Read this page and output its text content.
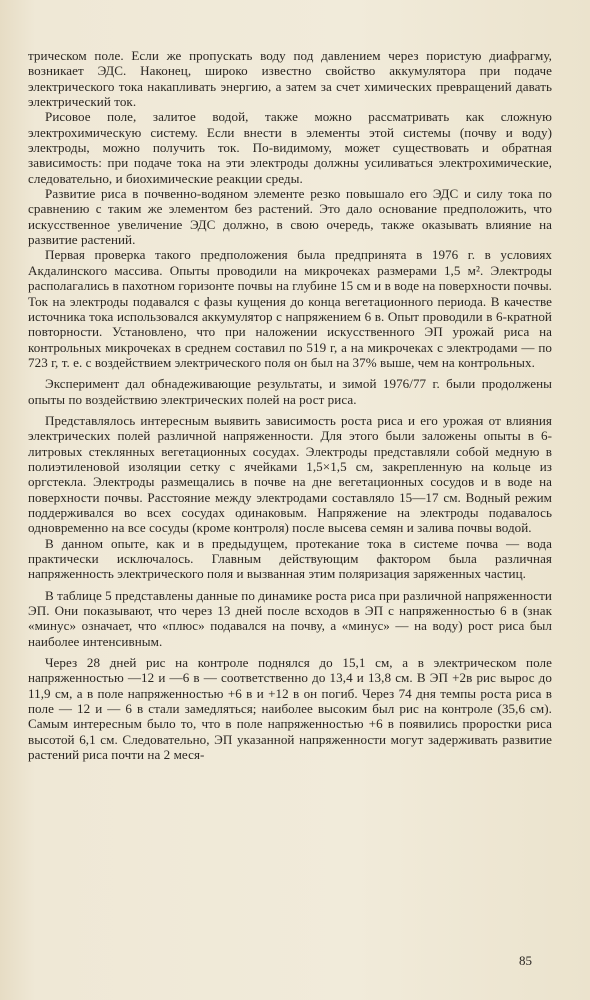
трическом поле. Если же пропускать воду под давлением через пористую диафрагму, возникает ЭДС. Наконец, широко известно свойство аккумулятора при подаче электрического тока накапливать энергию, а затем за счет химических превращений давать электрический ток.

Рисовое поле, залитое водой, также можно рассматривать как сложную электрохимическую систему. Если внести в элементы этой системы (почву и воду) электроды, можно получить ток. По-видимому, может существовать и обратная зависимость: при подаче тока на эти электроды должны усиливаться электрохимические, следовательно, и биохимические реакции среды.

Развитие риса в почвенно-водяном элементе резко повышало его ЭДС и силу тока по сравнению с таким же элементом без растений. Это дало основание предположить, что искусственное увеличение ЭДС должно, в свою очередь, также оказывать влияние на развитие растений.

Первая проверка такого предположения была предпринята в 1976 г. в условиях Акдалинского массива. Опыты проводили на микрочеках размерами 1,5 м². Электроды располагались в пахотном горизонте почвы на глубине 15 см и в воде на поверхности почвы. Ток на электроды подавался с фазы кущения до конца вегетационного периода. В качестве источника тока использовался аккумулятор с напряжением 6 в. Опыт проводили в 6-кратной повторности. Установлено, что при наложении искусственного ЭП урожай риса на контрольных микрочеках в среднем составил по 519 г, а на микрочеках с электродами — по 723 г, т. е. с воздействием электрического поля он был на 37% выше, чем на контрольных.

Эксперимент дал обнадеживающие результаты, и зимой 1976/77 г. были продолжены опыты по воздействию электрических полей на рост риса.

Представлялось интересным выявить зависимость роста риса и его урожая от влияния электрических полей различной напряженности. Для этого были заложены опыты в 6-литровых стеклянных вегетационных сосудах. Электроды представляли собой медную в полиэтиленовой изоляции сетку с ячейками 1,5×1,5 см, закрепленную на кольце из оргстекла. Электроды размещались в почве на дне вегетационных сосудов и в воде на поверхности почвы. Расстояние между электродами составляло 15—17 см. Водный режим поддерживался во всех сосудах одинаковым. Напряжение на электроды подавалось одновременно на все сосуды (кроме контроля) после высева семян и залива почвы водой.

В данном опыте, как и в предыдущем, протекание тока в системе почва — вода практически исключалось. Главным действующим фактором была различная напряженность электрического поля и вызванная этим поляризация заряженных частиц.

В таблице 5 представлены данные по динамике роста риса при различной напряженности ЭП. Они показывают, что через 13 дней после всходов в ЭП с напряженностью 6 в (знак «минус» означает, что «плюс» подавался на почву, а «минус» — на воду) рост риса был наиболее интенсивным.

Через 28 дней рис на контроле поднялся до 15,1 см, а в электрическом поле напряженностью —12 и —6 в — соответственно до 13,4 и 13,8 см. В ЭП +2в рис вырос до 11,9 см, а в поле напряженностью +6 в и +12 в он погиб. Через 74 дня темпы роста риса в поле — 12 и — 6 в стали замедляться; наиболее высоким был рис на контроле (35,6 см). Самым интересным было то, что в поле напряженностью +6 в появились проростки риса высотой 6,1 см. Следовательно, ЭП указанной напряженности могут задерживать развитие растений риса почти на 2 меся-

85
